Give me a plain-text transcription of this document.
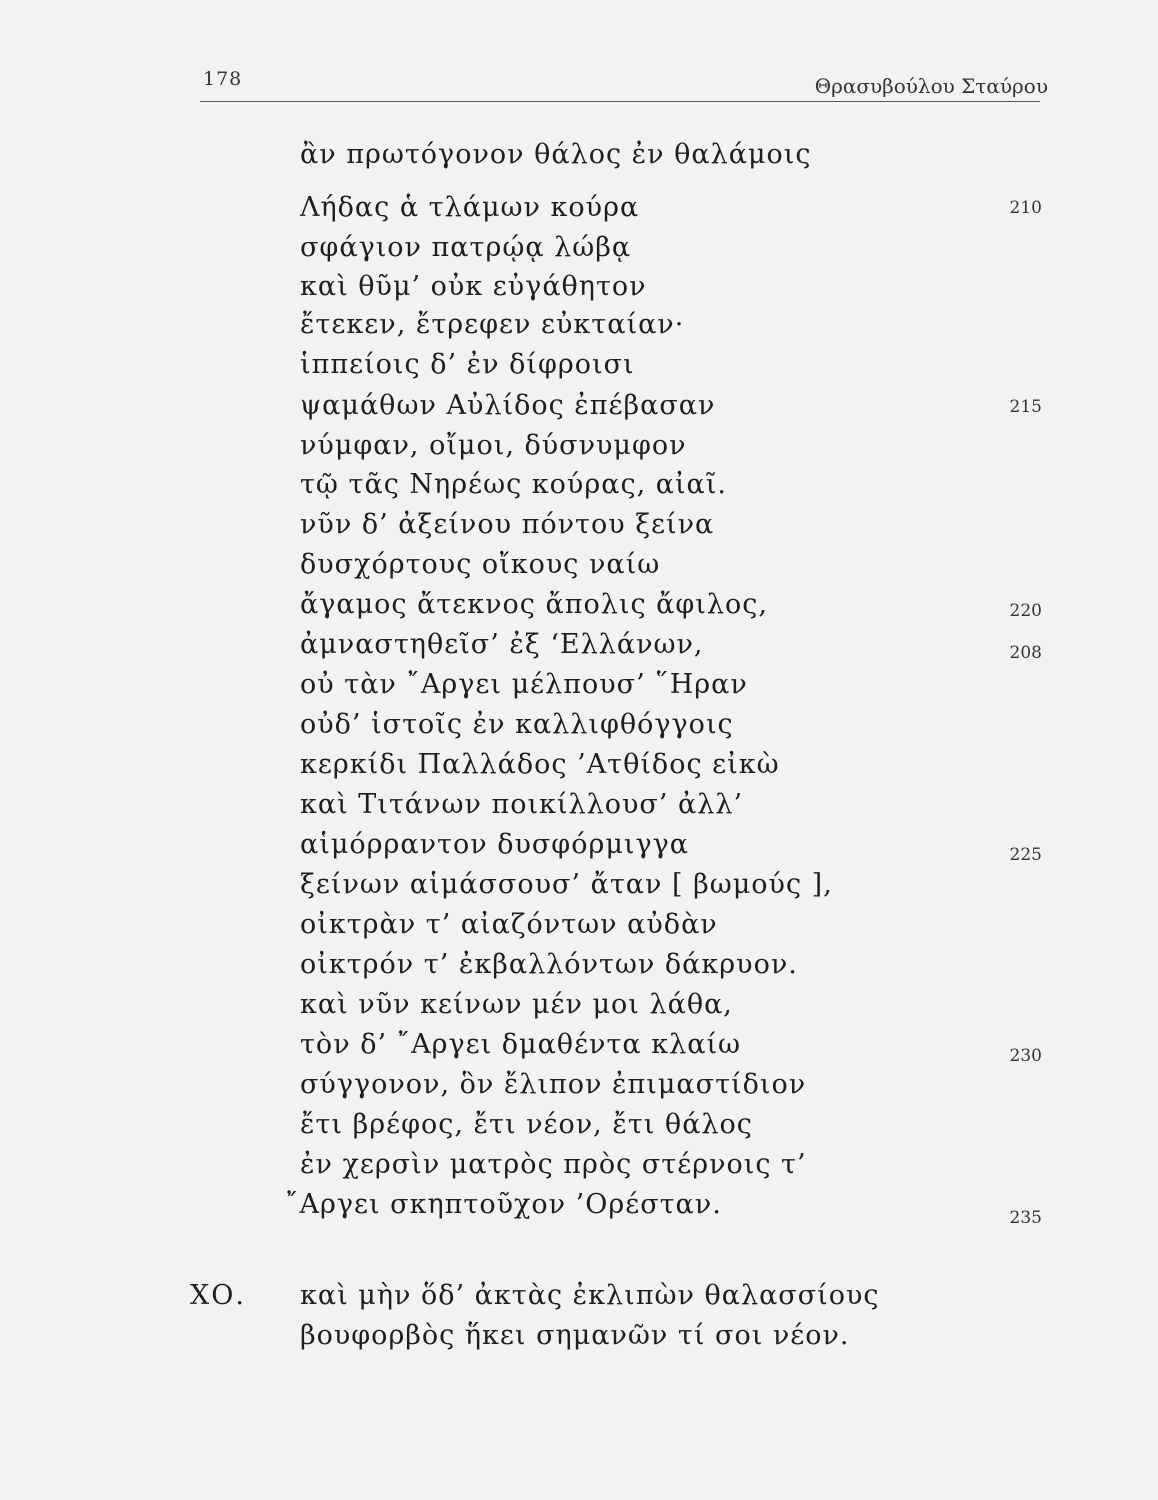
178	Θρασυβούλου Σταύρου
ἂν πρωτόγονον θάλος ἐν θαλάμοις
Λήδας ἁ τλάμων κούρα
σφάγιον πατρῴᾳ λώβᾳ
καὶ θῦμ’ οὐκ εὐγάθητον
ἔτεκεν, ἔτρεφεν εὐκταίαν·
ἱππείοις δ’ ἐν δίφροισι
ψαμάθων Αὐλίδος ἐπέβασαν
νύμφαν, οἴμοι, δύσνυμφον
τῷ τᾶς Νηρέως κούρας, αἰαῖ.
νῦν δ’ ἀξείνου πόντου ξείνα
δυσχόρτους οἴκους ναίω
ἄγαμος ἄτεκνος ἄπολις ἄφιλος,
ἀμναστηθεῖσ’ ἐξ ‘Ελλάνων,
οὐ τὰν ῎Αργει μέλπουσ’ ῞Ηραν
οὐδ’ ἱστοῖς ἐν καλλιφθόγγοις
κερκίδι Παλλάδος ’Ατθίδος εἰκὼ
καὶ Τιτάνων ποικίλλουσ’ ἀλλ’
αἱμόρραντον δυσφόρμιγγα
ξείνων αἱμάσσουσ’ ἄταν [ βωμούς ],
οἰκτρὰν τ’ αἰαζόντων αὐδὰν
οἰκτρόν τ’ ἐκβαλλόντων δάκρυον.
καὶ νῦν κείνων μέν μοι λάθα,
τὸν δ’ ῎Αργει δμαθέντα κλαίω
σύγγονον, ὃν ἔλιπον ἐπιμαστίδιον
ἔτι βρέφος, ἔτι νέον, ἔτι θάλος
ἐν χερσὶν ματρὸς πρὸς στέρνοις τ’
῎Αργει σκηπτοῦχον ’Ορέσταν.
210
215
220
208
225
230
235
ΧΟ. καὶ μὴν ὅδ’ ἀκτὰς ἐκλιπὼν θαλασσίους
βουφορβὸς ἥκει σημανῶν τί σοι νέον.
